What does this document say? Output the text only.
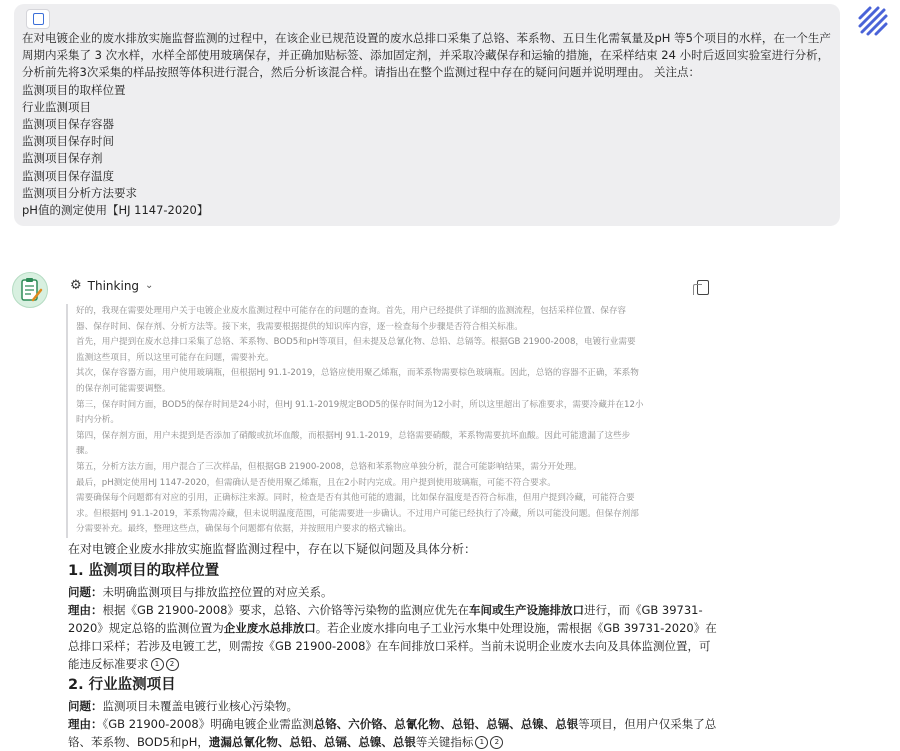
在对电镀企业的废水排放实施监督监测的过程中，在该企业已规范设置的废水总排口采集了总铬、苯系物、五日生化需氧量及pH 等5个项目的水样，在一个生产周期内采集了 3 次水样，水样全部使用玻璃保存，并正确加贴标签、添加固定剂，并采取冷藏保存和运输的措施，在采样结束 24 小时后返回实验室进行分析，分析前先将3次采集的样品按照等体积进行混合，然后分析该混合样。请指出在整个监测过程中存在的疑问问题并说明理由。 关注点：

监测项目的取样位置

行业监测项目

监测项目保存容器

监测项目保存时间

监测项目保存剂

监测项目保存温度

监测项目分析方法要求

pH值的测定使用【HJ 1147-2020】

⚙ Thinking ⌄

好的，我现在需要处理用户关于电镀企业废水监测过程中可能存在的问题的查询。首先，用户已经提供了详细的监测流程，包括采样位置、保存容

器、保存时间、保存剂、分析方法等。接下来，我需要根据提供的知识库内容，逐一检查每个步骤是否符合相关标准。

首先，用户提到在废水总排口采集了总铬、苯系物、BOD5和pH等项目，但未提及总氰化物、总铅、总镉等。根据GB 21900-2008，电镀行业需要

监测这些项目，所以这里可能存在问题，需要补充。

其次，保存容器方面，用户使用玻璃瓶，但根据HJ 91.1-2019，总铬应使用聚乙烯瓶，而苯系物需要棕色玻璃瓶。因此，总铬的容器不正确，苯系物

的保存剂可能需要调整。

第三，保存时间方面，BOD5的保存时间是24小时，但HJ 91.1-2019规定BOD5的保存时间为12小时，所以这里超出了标准要求，需要冷藏并在12小

时内分析。

第四，保存剂方面，用户未提到是否添加了硝酸或抗坏血酸，而根据HJ 91.1-2019，总铬需要硝酸，苯系物需要抗坏血酸。因此可能遗漏了这些步

骤。

第五，分析方法方面，用户混合了三次样品，但根据GB 21900-2008，总铬和苯系物应单独分析，混合可能影响结果，需分开处理。

最后，pH测定使用HJ 1147-2020，但需确认是否使用聚乙烯瓶，且在2小时内完成。用户提到使用玻璃瓶，可能不符合要求。

需要确保每个问题都有对应的引用，正确标注来源。同时，检查是否有其他可能的遗漏，比如保存温度是否符合标准，但用户提到冷藏，可能符合要

求。但根据HJ 91.1-2019，苯系物需冷藏，但未说明温度范围，可能需要进一步确认。不过用户可能已经执行了冷藏，所以可能没问题。但保存剂部

分需要补充。最终，整理这些点，确保每个问题都有依据，并按照用户要求的格式输出。

在对电镀企业废水排放实施监督监测过程中，存在以下疑似问题及具体分析：

1. 监测项目的取样位置

问题：未明确监测项目与排放监控位置的对应关系。

理由：根据《GB 21900-2008》要求，总铬、六价铬等污染物的监测应优先在车间或生产设施排放口进行，而《GB 39731-2020》规定总铬的监测位置为企业废水总排放口。若企业废水排向电子工业污水集中处理设施，需根据《GB 39731-2020》在总排口采样；若涉及电镀工艺，则需按《GB 21900-2008》在车间排放口采样。当前未说明企业废水去向及具体监测位置，可能违反标准要求 1 2

2. 行业监测项目

问题：监测项目未覆盖电镀行业核心污染物。

理由：《GB 21900-2008》明确电镀企业需监测总铬、六价铬、总氰化物、总铅、总镉、总镍、总银等项目，但用户仅采集了总铬、苯系物、BOD5和pH，遗漏总氰化物、总铅、总镉、总镍、总银等关键指标 1 2
